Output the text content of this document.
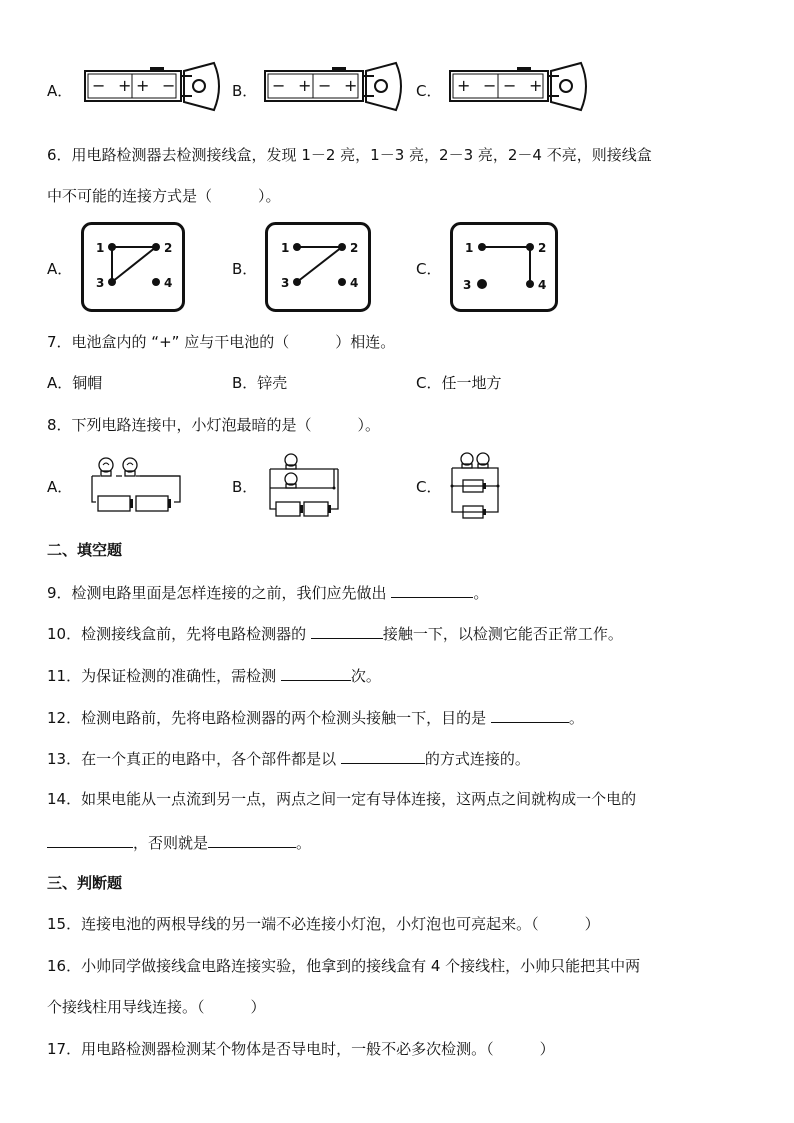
A．	B．	C．
− + + −	− + − +	+ − − +
6．用电路检测器去检测接线盒，发现 1－2 亮，1－3 亮，2－3 亮，2－4 不亮，则接线盒
中不可能的连接方式是（	）。
A．	B．	C．
1	2
3	4
1	2
3	4
1	2
3	4
7．电池盒内的 “+” 应与干电池的（	）相连。
A．铜帽	B．锌壳	C．任一地方
8．下列电路连接中，小灯泡最暗的是（	）。
A．	B．	C．
二、填空题
9．检测电路里面是怎样连接的之前，我们应先做出	。
10．检测接线盒前，先将电路检测器的	接触一下，以检测它能否正常工作。
11．为保证检测的准确性，需检测	次。
12．检测电路前，先将电路检测器的两个检测头接触一下，目的是	。
13．在一个真正的电路中，各个部件都是以	的方式连接的。
14．如果电能从一点流到另一点，两点之间一定有导体连接，这两点之间就构成一个电的
，否则就是	。
三、判断题
15．连接电池的两根导线的另一端不必连接小灯泡，小灯泡也可亮起来。（	）
16．小帅同学做接线盒电路连接实验，他拿到的接线盒有 4 个接线柱，小帅只能把其中两
个接线柱用导线连接。（	）
17．用电路检测器检测某个物体是否导电时，一般不必多次检测。（	）
